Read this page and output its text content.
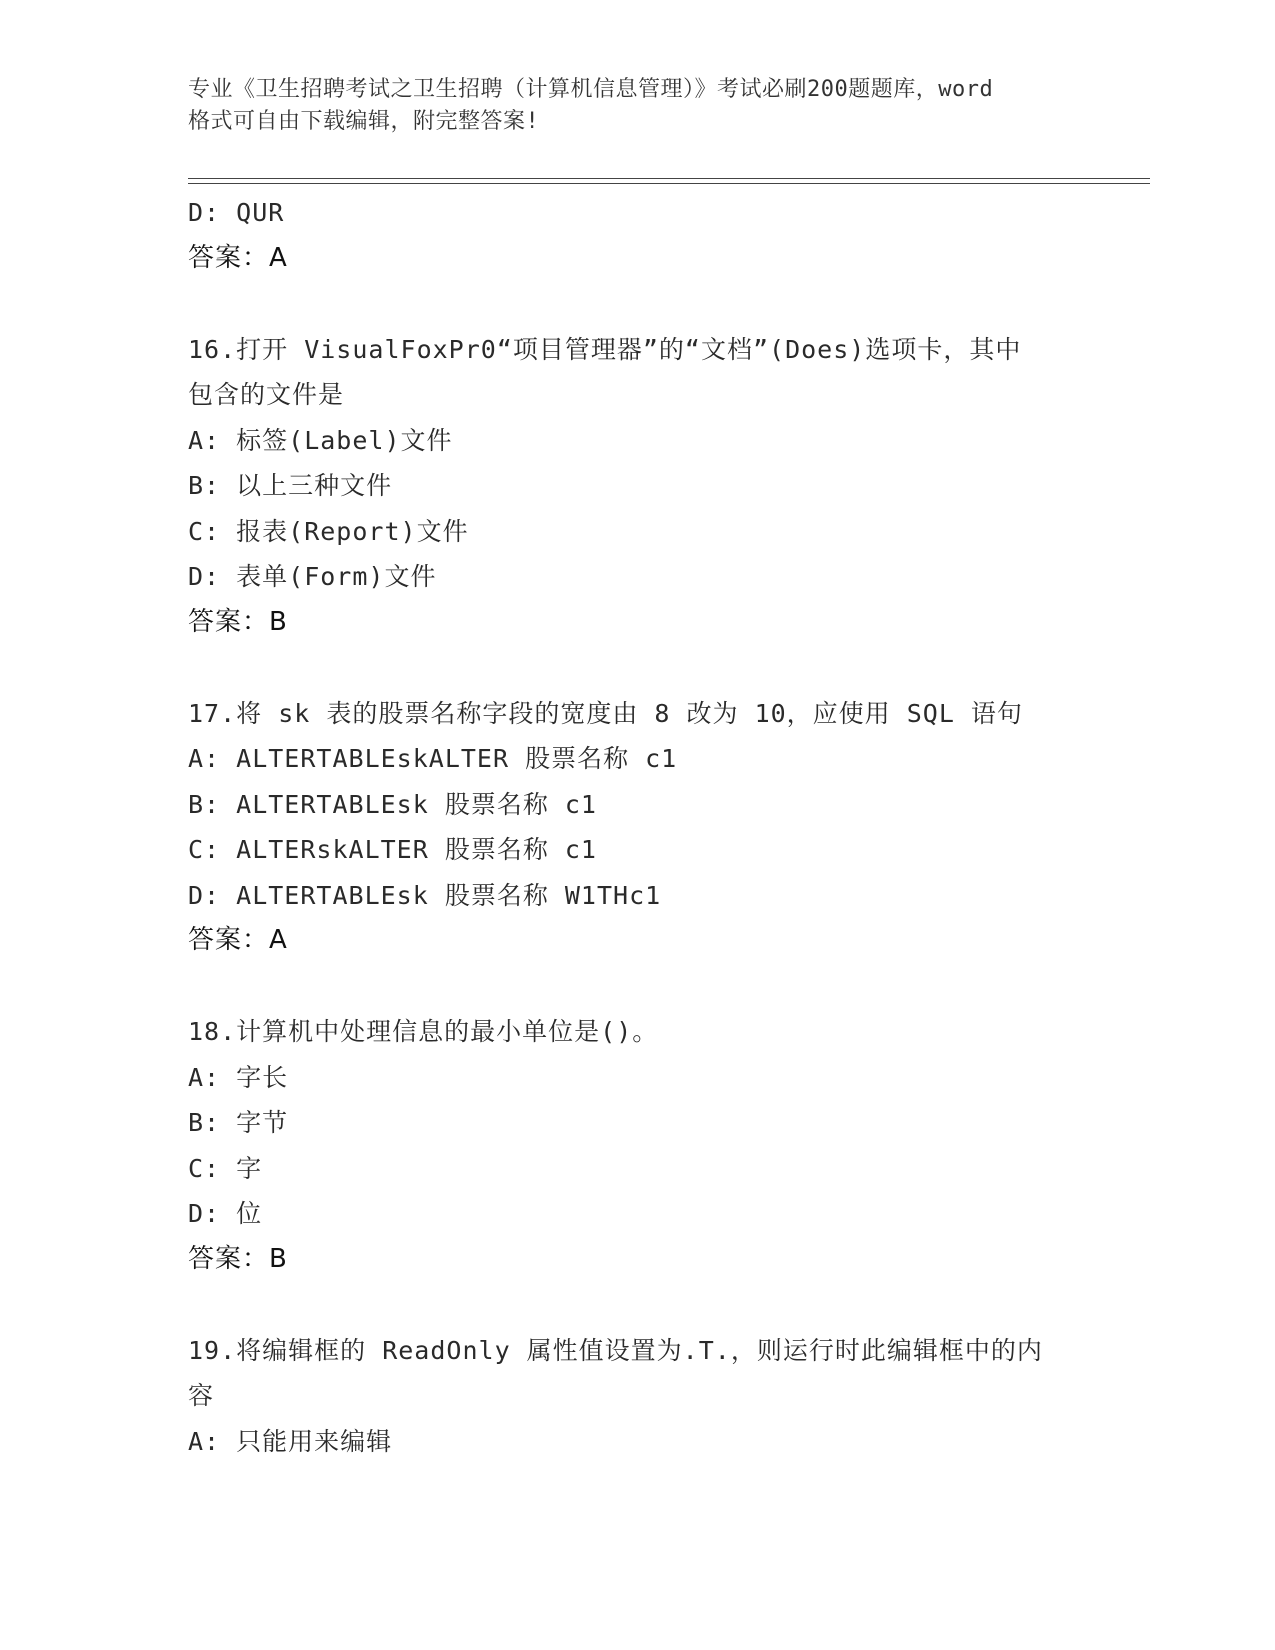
专业《卫生招聘考试之卫生招聘（计算机信息管理）》考试必刷200题题库，word
格式可自由下载编辑，附完整答案!
D: QUR
答案：A
16.打开 VisualFoxPr0“项目管理器”的“文档”(Does)选项卡，其中
包含的文件是
A: 标签(Label)文件
B: 以上三种文件
C: 报表(Report)文件
D: 表单(Form)文件
答案：B
17.将 sk 表的股票名称字段的宽度由 8 改为 10，应使用 SQL 语句
A: ALTERTABLEskALTER 股票名称 c1
B: ALTERTABLEsk 股票名称 c1
C: ALTERskALTER 股票名称 c1
D: ALTERTABLEsk 股票名称 W1THc1
答案：A
18.计算机中处理信息的最小单位是()。
A: 字长
B: 字节
C: 字
D: 位
答案：B
19.将编辑框的 ReadOnly 属性值设置为.T.，则运行时此编辑框中的内
容
A: 只能用来编辑
